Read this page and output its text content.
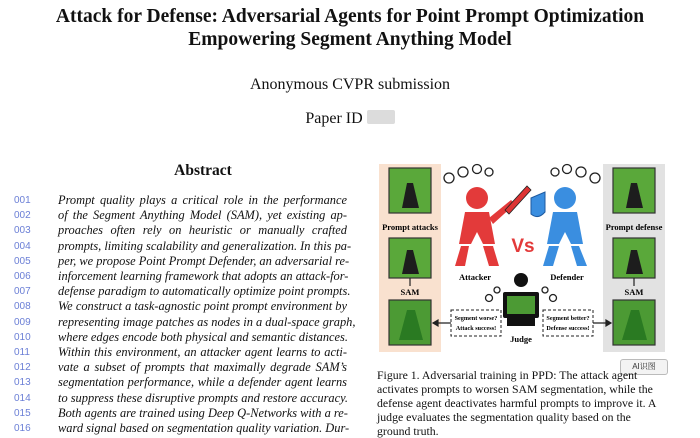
Attack for Defense: Adversarial Agents for Point Prompt Optimization
Empowering Segment Anything Model
Anonymous CVPR submission
Paper ID
Abstract
001	Prompt quality plays a critical role in the performance
002	of the Segment Anything Model (SAM), yet existing ap-
003	proaches often rely on heuristic or manually crafted
004	prompts, limiting scalability and generalization. In this pa-
005	per, we propose Point Prompt Defender, an adversarial re-
006	inforcement learning framework that adopts an attack-for-
007	defense paradigm to automatically optimize point prompts.
008	We construct a task-agnostic point prompt environment by
009	representing image patches as nodes in a dual-space graph,
010	where edges encode both physical and semantic distances.
011	Within this environment, an attacker agent learns to acti-
012	vate a subset of prompts that maximally degrade SAM’s
013	segmentation performance, while a defender agent learns
014	to suppress these disruptive prompts and restore accuracy.
015	Both agents are trained using Deep Q-Networks with a re-
016	ward signal based on segmentation quality variation. Dur-
Prompt attacks
SAM
Prompt defense
SAM
Vs
Attacker	Defender
Judge
Segment worse?
Attack success!
Segment better?
Defense success!
AI识图
Figure 1. Adversarial training in PPD: The attack agent activates prompts to worsen SAM segmentation, while the defense agent deactivates harmful prompts to improve it. A judge evaluates the segmentation quality based on the ground truth.
